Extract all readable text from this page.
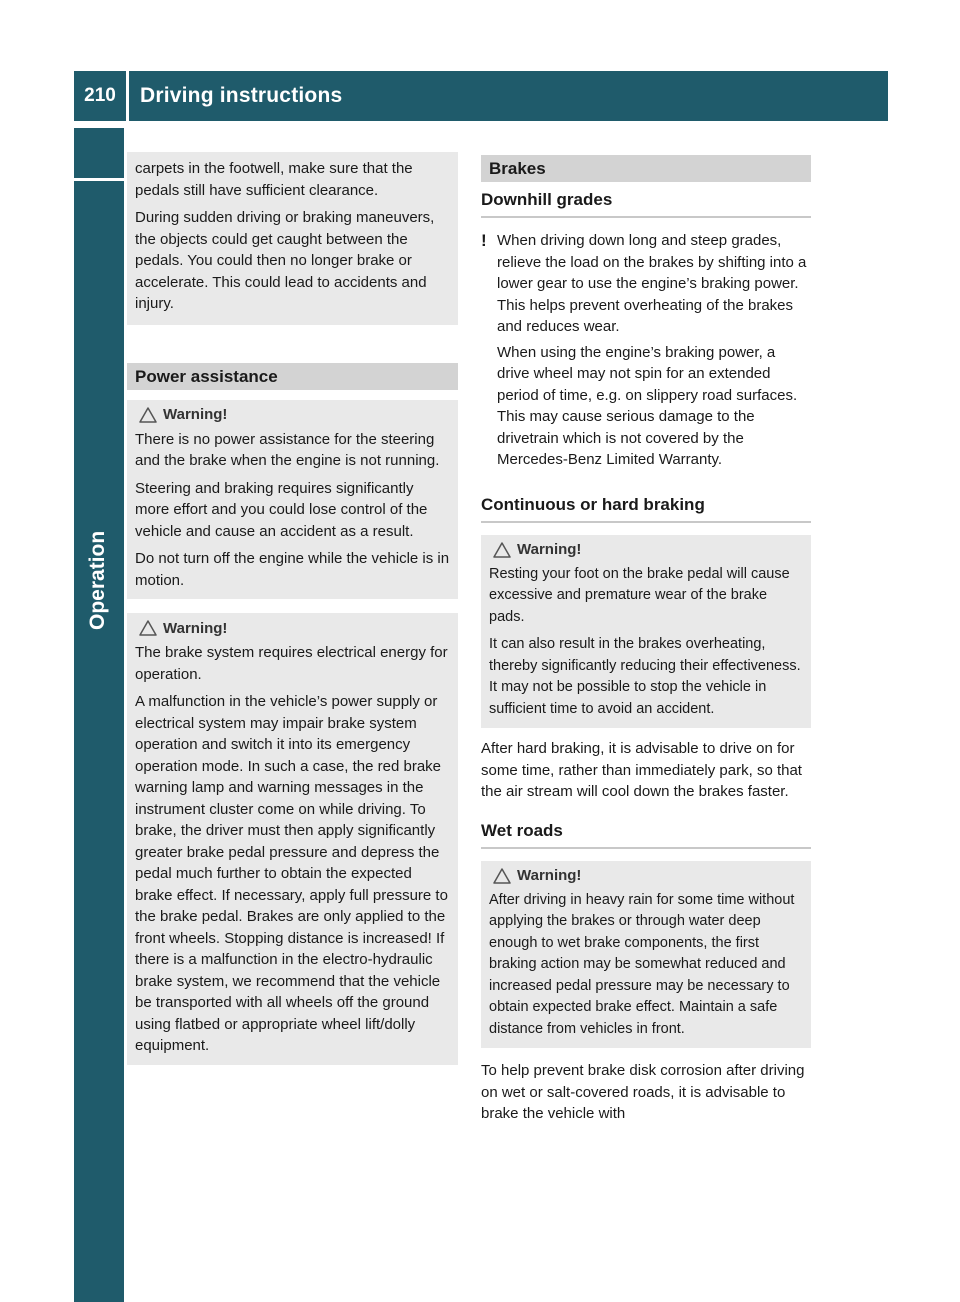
210	Driving instructions
Operation

carpets in the footwell, make sure that the pedals still have sufficient clearance.

During sudden driving or braking maneuvers, the objects could get caught between the pedals. You could then no longer brake or accelerate. This could lead to accidents and injury.

Power assistance
Warning!

There is no power assistance for the steering and the brake when the engine is not running.

Steering and braking requires significantly more effort and you could lose control of the vehicle and cause an accident as a result.

Do not turn off the engine while the vehicle is in motion.

Warning!

The brake system requires electrical energy for operation.

A malfunction in the vehicle’s power supply or electrical system may impair brake system operation and switch it into its emergency operation mode. In such a case, the red brake warning lamp and warning messages in the instrument cluster come on while driving. To brake, the driver must then apply significantly greater brake pedal pressure and depress the pedal much further to obtain the expected brake effect. If necessary, apply full pressure to the brake pedal. Brakes are only applied to the front wheels. Stopping distance is increased! If there is a malfunction in the electro-hydraulic brake system, we recommend that the vehicle be transported with all wheels off the ground using flatbed or appropriate wheel lift/dolly equipment.

Brakes
Downhill grades
! When driving down long and steep grades, relieve the load on the brakes by shifting into a lower gear to use the engine’s braking power. This helps prevent overheating of the brakes and reduces wear.

When using the engine’s braking power, a drive wheel may not spin for an extended period of time, e.g. on slippery road surfaces. This may cause serious damage to the drivetrain which is not covered by the Mercedes-Benz Limited Warranty.

Continuous or hard braking
Warning!

Resting your foot on the brake pedal will cause excessive and premature wear of the brake pads.

It can also result in the brakes overheating, thereby significantly reducing their effectiveness. It may not be possible to stop the vehicle in sufficient time to avoid an accident.

After hard braking, it is advisable to drive on for some time, rather than immediately park, so that the air stream will cool down the brakes faster.

Wet roads
Warning!

After driving in heavy rain for some time without applying the brakes or through water deep enough to wet brake components, the first braking action may be somewhat reduced and increased pedal pressure may be necessary to obtain expected brake effect. Maintain a safe distance from vehicles in front.

To help prevent brake disk corrosion after driving on wet or salt-covered roads, it is advisable to brake the vehicle with
